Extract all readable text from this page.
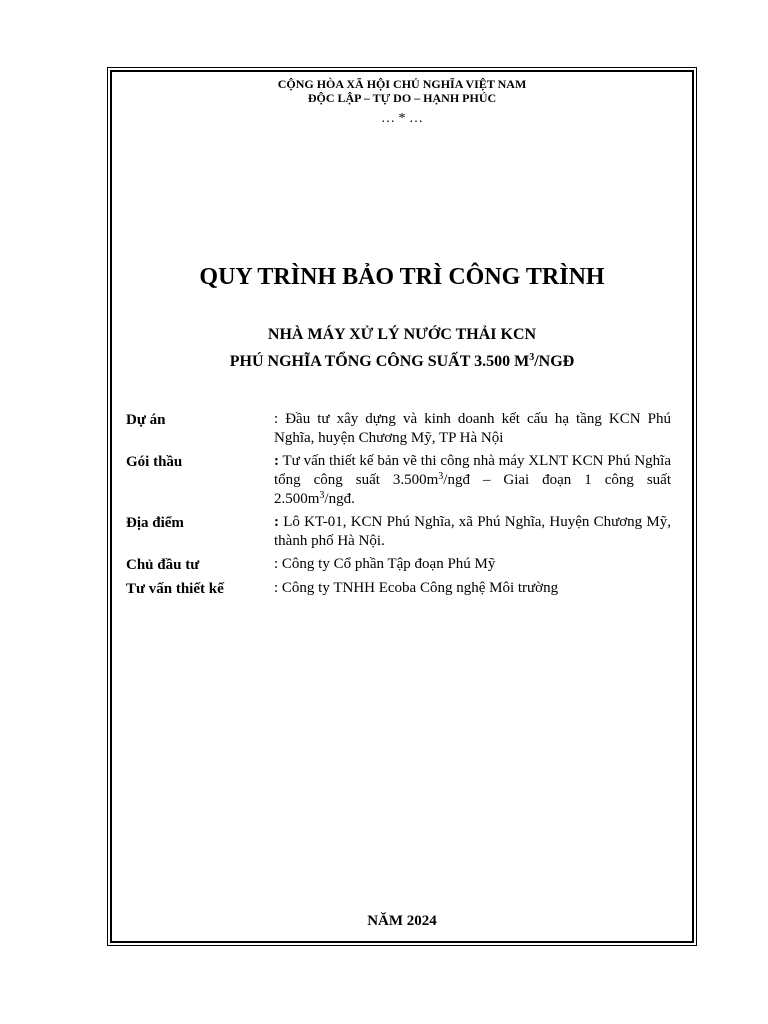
CỘNG HÒA XÃ HỘI CHỦ NGHĨA VIỆT NAM
ĐỘC LẬP – TỰ DO – HẠNH PHÚC
… * …
QUY TRÌNH BẢO TRÌ CÔNG TRÌNH
NHÀ MÁY XỬ LÝ NƯỚC THẢI KCN
PHÚ NGHĨA TỔNG CÔNG SUẤT 3.500 $M^3$/NGĐ
Dự án	: Đầu tư xây dựng và kinh doanh kết cấu hạ tầng KCN Phú Nghĩa, huyện Chương Mỹ, TP Hà Nội
Gói thầu	: Tư vấn thiết kế bản vẽ thi công nhà máy XLNT KCN Phú Nghĩa tổng công suất $3.500m^3$/ngđ – Giai đoạn 1 công suất $2.500m^3$/ngđ.
Địa điểm	: Lô KT-01, KCN Phú Nghĩa, xã Phú Nghĩa, Huyện Chương Mỹ, thành phố Hà Nội.
Chủ đầu tư	: Công ty Cổ phần Tập đoạn Phú Mỹ
Tư vấn thiết kế	: Công ty TNHH Ecoba Công nghệ Môi trường
NĂM 2024
